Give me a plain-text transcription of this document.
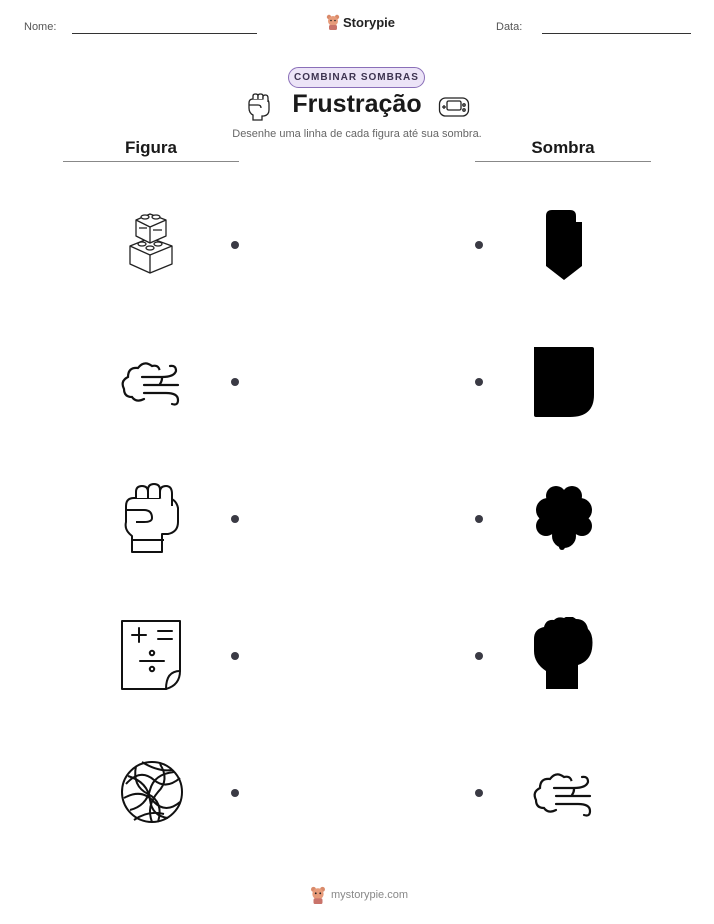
Nome:	Storypie	Data:
COMBINAR SOMBRAS
Frustração
Desenhe uma linha de cada figura até sua sombra.
Figura	Sombra
mystorypie.com
